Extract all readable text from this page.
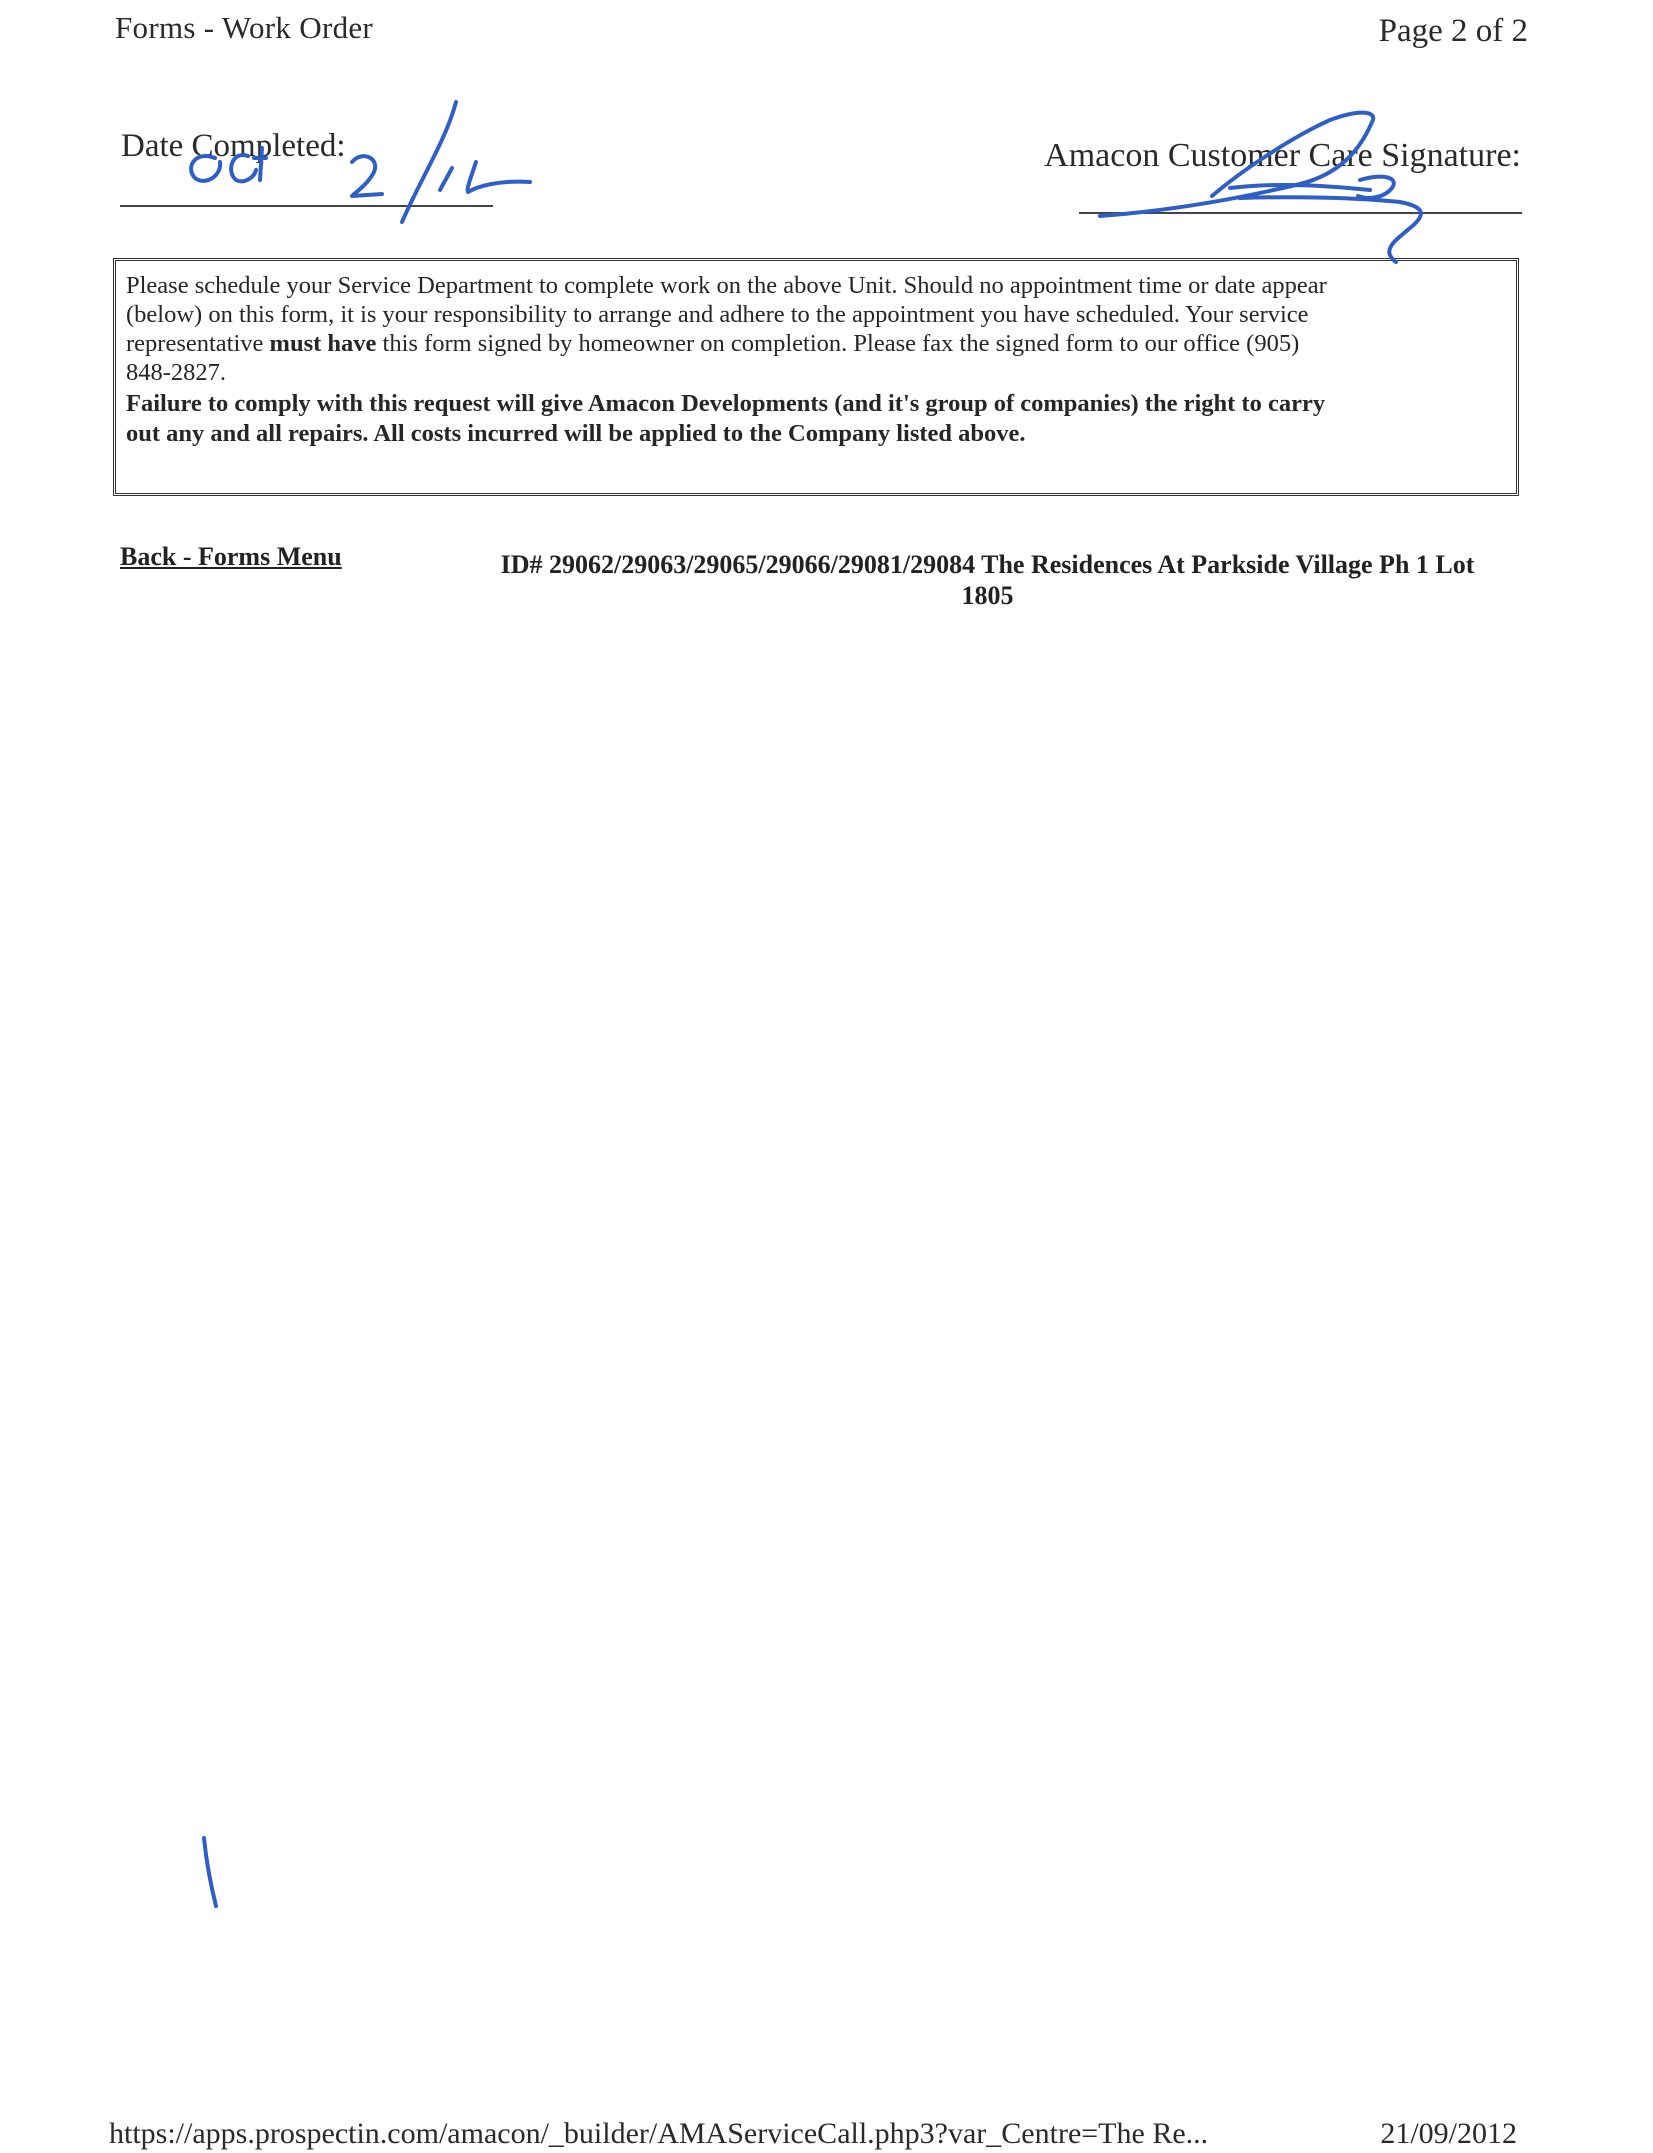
Forms - Work Order	Page 2 of 2
Date Completed:	Amacon Customer Care Signature:
Please schedule your Service Department to complete work on the above Unit. Should no appointment time or date appear
(below) on this form, it is your responsibility to arrange and adhere to the appointment you have scheduled. Your service
representative must have this form signed by homeowner on completion. Please fax the signed form to our office (905)
848-2827.
Failure to comply with this request will give Amacon Developments (and it's group of companies) the right to carry
out any and all repairs. All costs incurred will be applied to the Company listed above.
Back - Forms Menu	ID# 29062/29063/29065/29066/29081/29084 The Residences At Parkside Village Ph 1 Lot
1805
https://apps.prospectin.com/amacon/_builder/AMAServiceCall.php3?var_Centre=The Re...	21/09/2012
